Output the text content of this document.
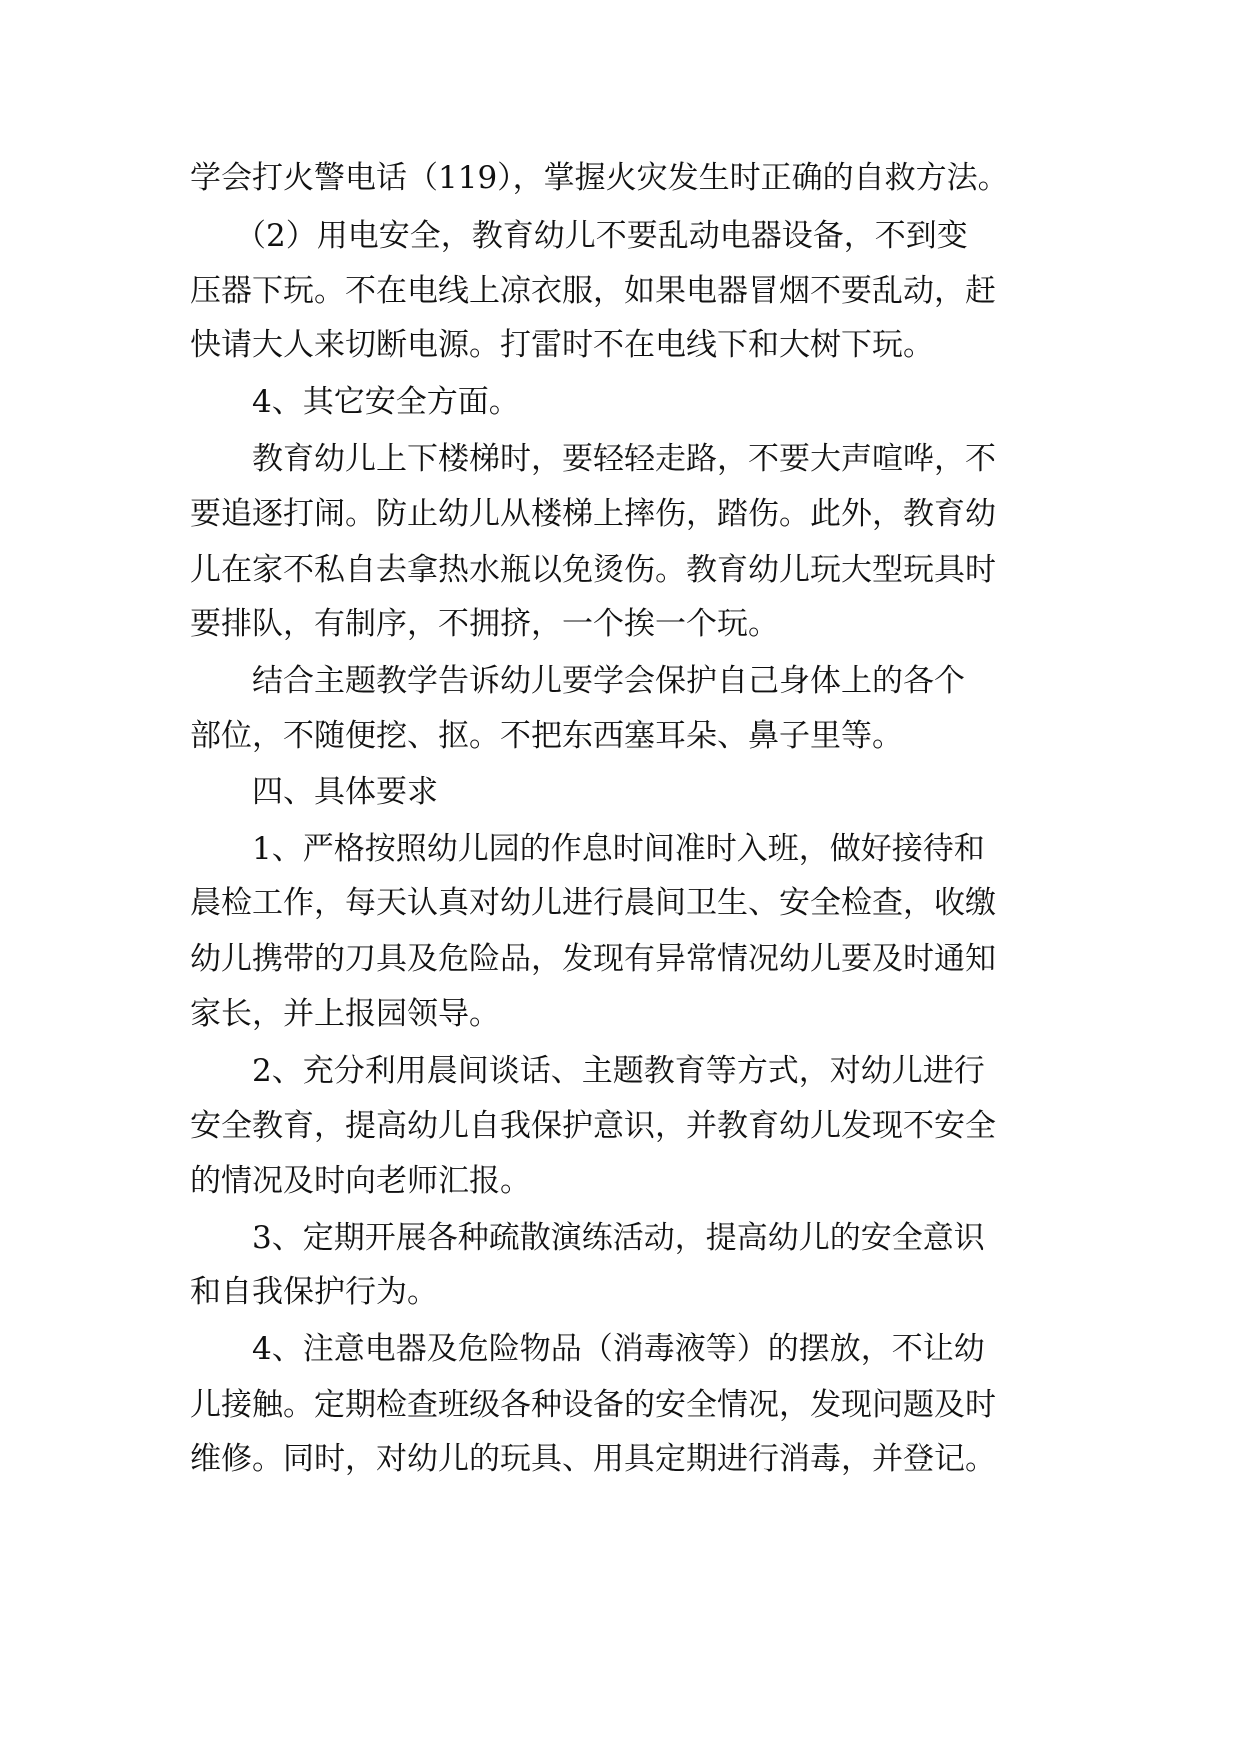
学会打火警电话（119），掌握火灾发生时正确的自救方法。
（2）用电安全，教育幼儿不要乱动电器设备，不到变
压器下玩。不在电线上凉衣服，如果电器冒烟不要乱动，赶
快请大人来切断电源。打雷时不在电线下和大树下玩。
4、其它安全方面。
教育幼儿上下楼梯时，要轻轻走路，不要大声喧哗，不
要追逐打闹。防止幼儿从楼梯上摔伤，踏伤。此外，教育幼
儿在家不私自去拿热水瓶以免烫伤。教育幼儿玩大型玩具时
要排队，有制序，不拥挤，一个挨一个玩。
结合主题教学告诉幼儿要学会保护自己身体上的各个
部位，不随便挖、抠。不把东西塞耳朵、鼻子里等。
四、具体要求
1、严格按照幼儿园的作息时间准时入班，做好接待和
晨检工作，每天认真对幼儿进行晨间卫生、安全检查，收缴
幼儿携带的刀具及危险品，发现有异常情况幼儿要及时通知
家长，并上报园领导。
2、充分利用晨间谈话、主题教育等方式，对幼儿进行
安全教育，提高幼儿自我保护意识，并教育幼儿发现不安全
的情况及时向老师汇报。
3、定期开展各种疏散演练活动，提高幼儿的安全意识
和自我保护行为。
4、注意电器及危险物品（消毒液等）的摆放，不让幼
儿接触。定期检查班级各种设备的安全情况，发现问题及时
维修。同时，对幼儿的玩具、用具定期进行消毒，并登记。
